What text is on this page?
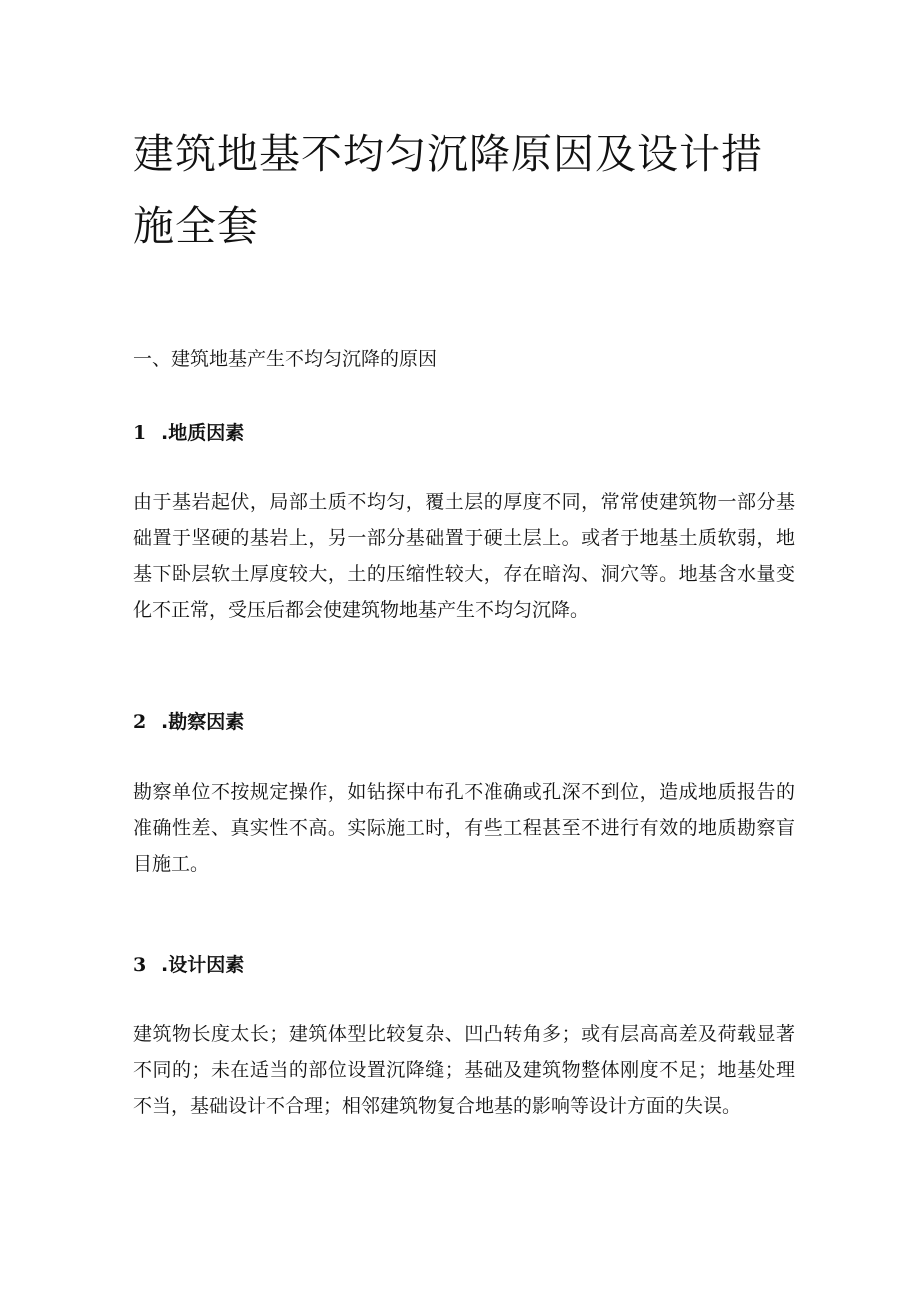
建筑地基不均匀沉降原因及设计措施全套

一、建筑地基产生不均匀沉降的原因

1 .地质因素

由于基岩起伏，局部土质不均匀，覆土层的厚度不同，常常使建筑物一部分基础置于坚硬的基岩上，另一部分基础置于硬土层上。或者于地基土质软弱，地基下卧层软土厚度较大，土的压缩性较大，存在暗沟、洞穴等。地基含水量变化不正常，受压后都会使建筑物地基产生不均匀沉降。

2 .勘察因素

勘察单位不按规定操作，如钻探中布孔不准确或孔深不到位，造成地质报告的准确性差、真实性不高。实际施工时，有些工程甚至不进行有效的地质勘察盲目施工。

3 .设计因素

建筑物长度太长；建筑体型比较复杂、凹凸转角多；或有层高高差及荷载显著不同的；未在适当的部位设置沉降缝；基础及建筑物整体刚度不足；地基处理不当，基础设计不合理；相邻建筑物复合地基的影响等设计方面的失误。
